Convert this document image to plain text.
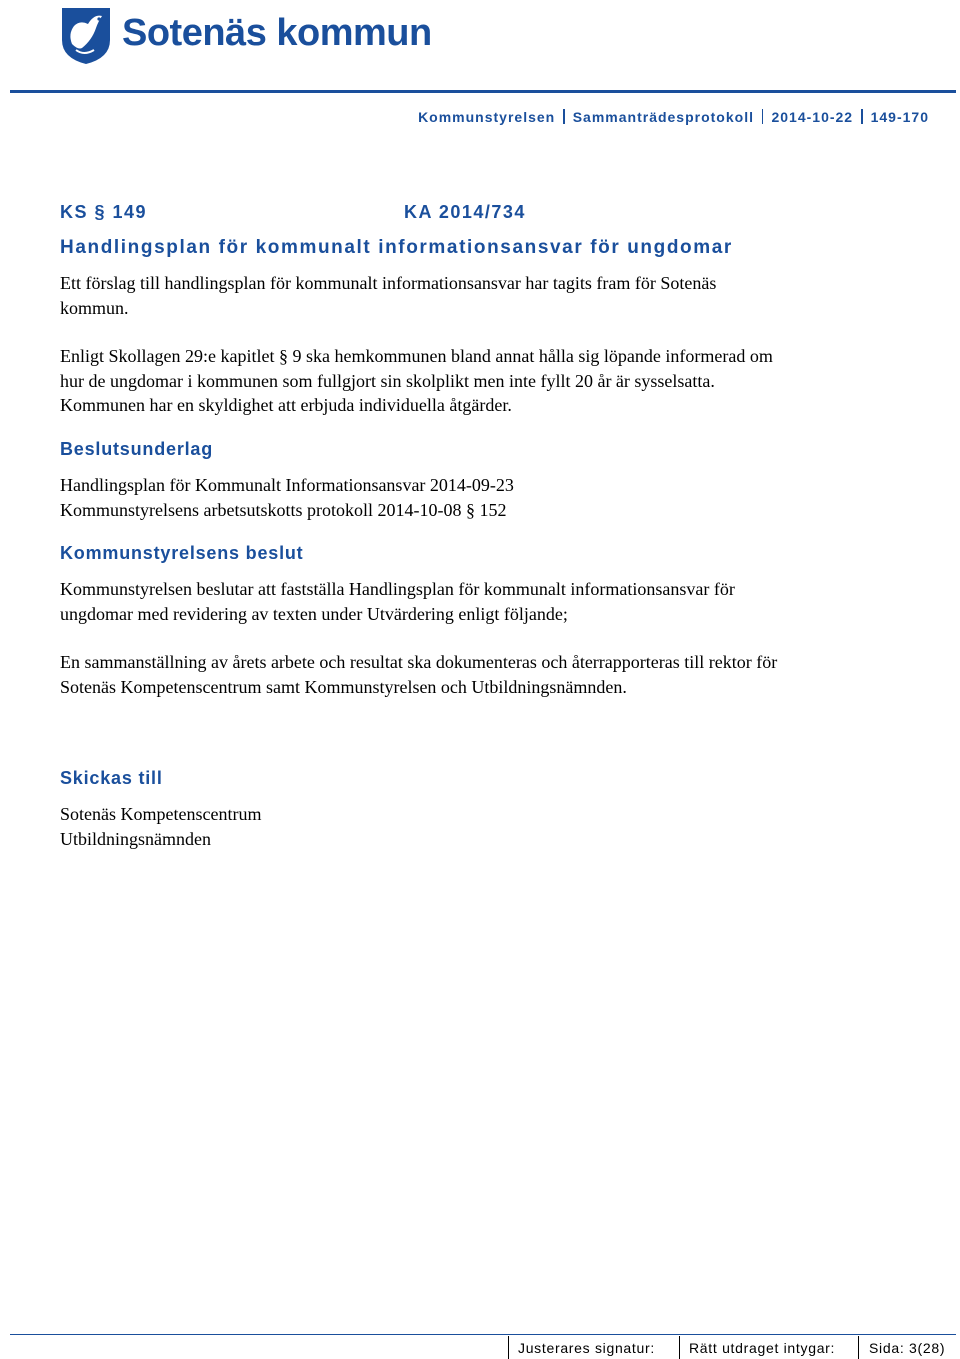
Sotenäs kommun
Kommunstyrelsen Sammanträdesprotokoll 2014-10-22 149-170
KS § 149	KA 2014/734
Handlingsplan för kommunalt informationsansvar för ungdomar

Ett förslag till handlingsplan för kommunalt informationsansvar har tagits fram för Sotenäs
kommun.

Enligt Skollagen 29:e kapitlet § 9 ska hemkommunen bland annat hålla sig löpande informerad om
hur de ungdomar i kommunen som fullgjort sin skolplikt men inte fyllt 20 år är sysselsatta.
Kommunen har en skyldighet att erbjuda individuella åtgärder.

Beslutsunderlag

Handlingsplan för Kommunalt Informationsansvar 2014-09-23
Kommunstyrelsens arbetsutskotts protokoll 2014-10-08 § 152

Kommunstyrelsens beslut

Kommunstyrelsen beslutar att fastställa Handlingsplan för kommunalt informationsansvar för
ungdomar med revidering av texten under Utvärdering enligt följande;

En sammanställning av årets arbete och resultat ska dokumenteras och återrapporteras till rektor för
Sotenäs Kompetenscentrum samt Kommunstyrelsen och Utbildningsnämnden.

Skickas till

Sotenäs Kompetenscentrum
Utbildningsnämnden

Justerares signatur: Rätt utdraget intygar: Sida: 3(28)
